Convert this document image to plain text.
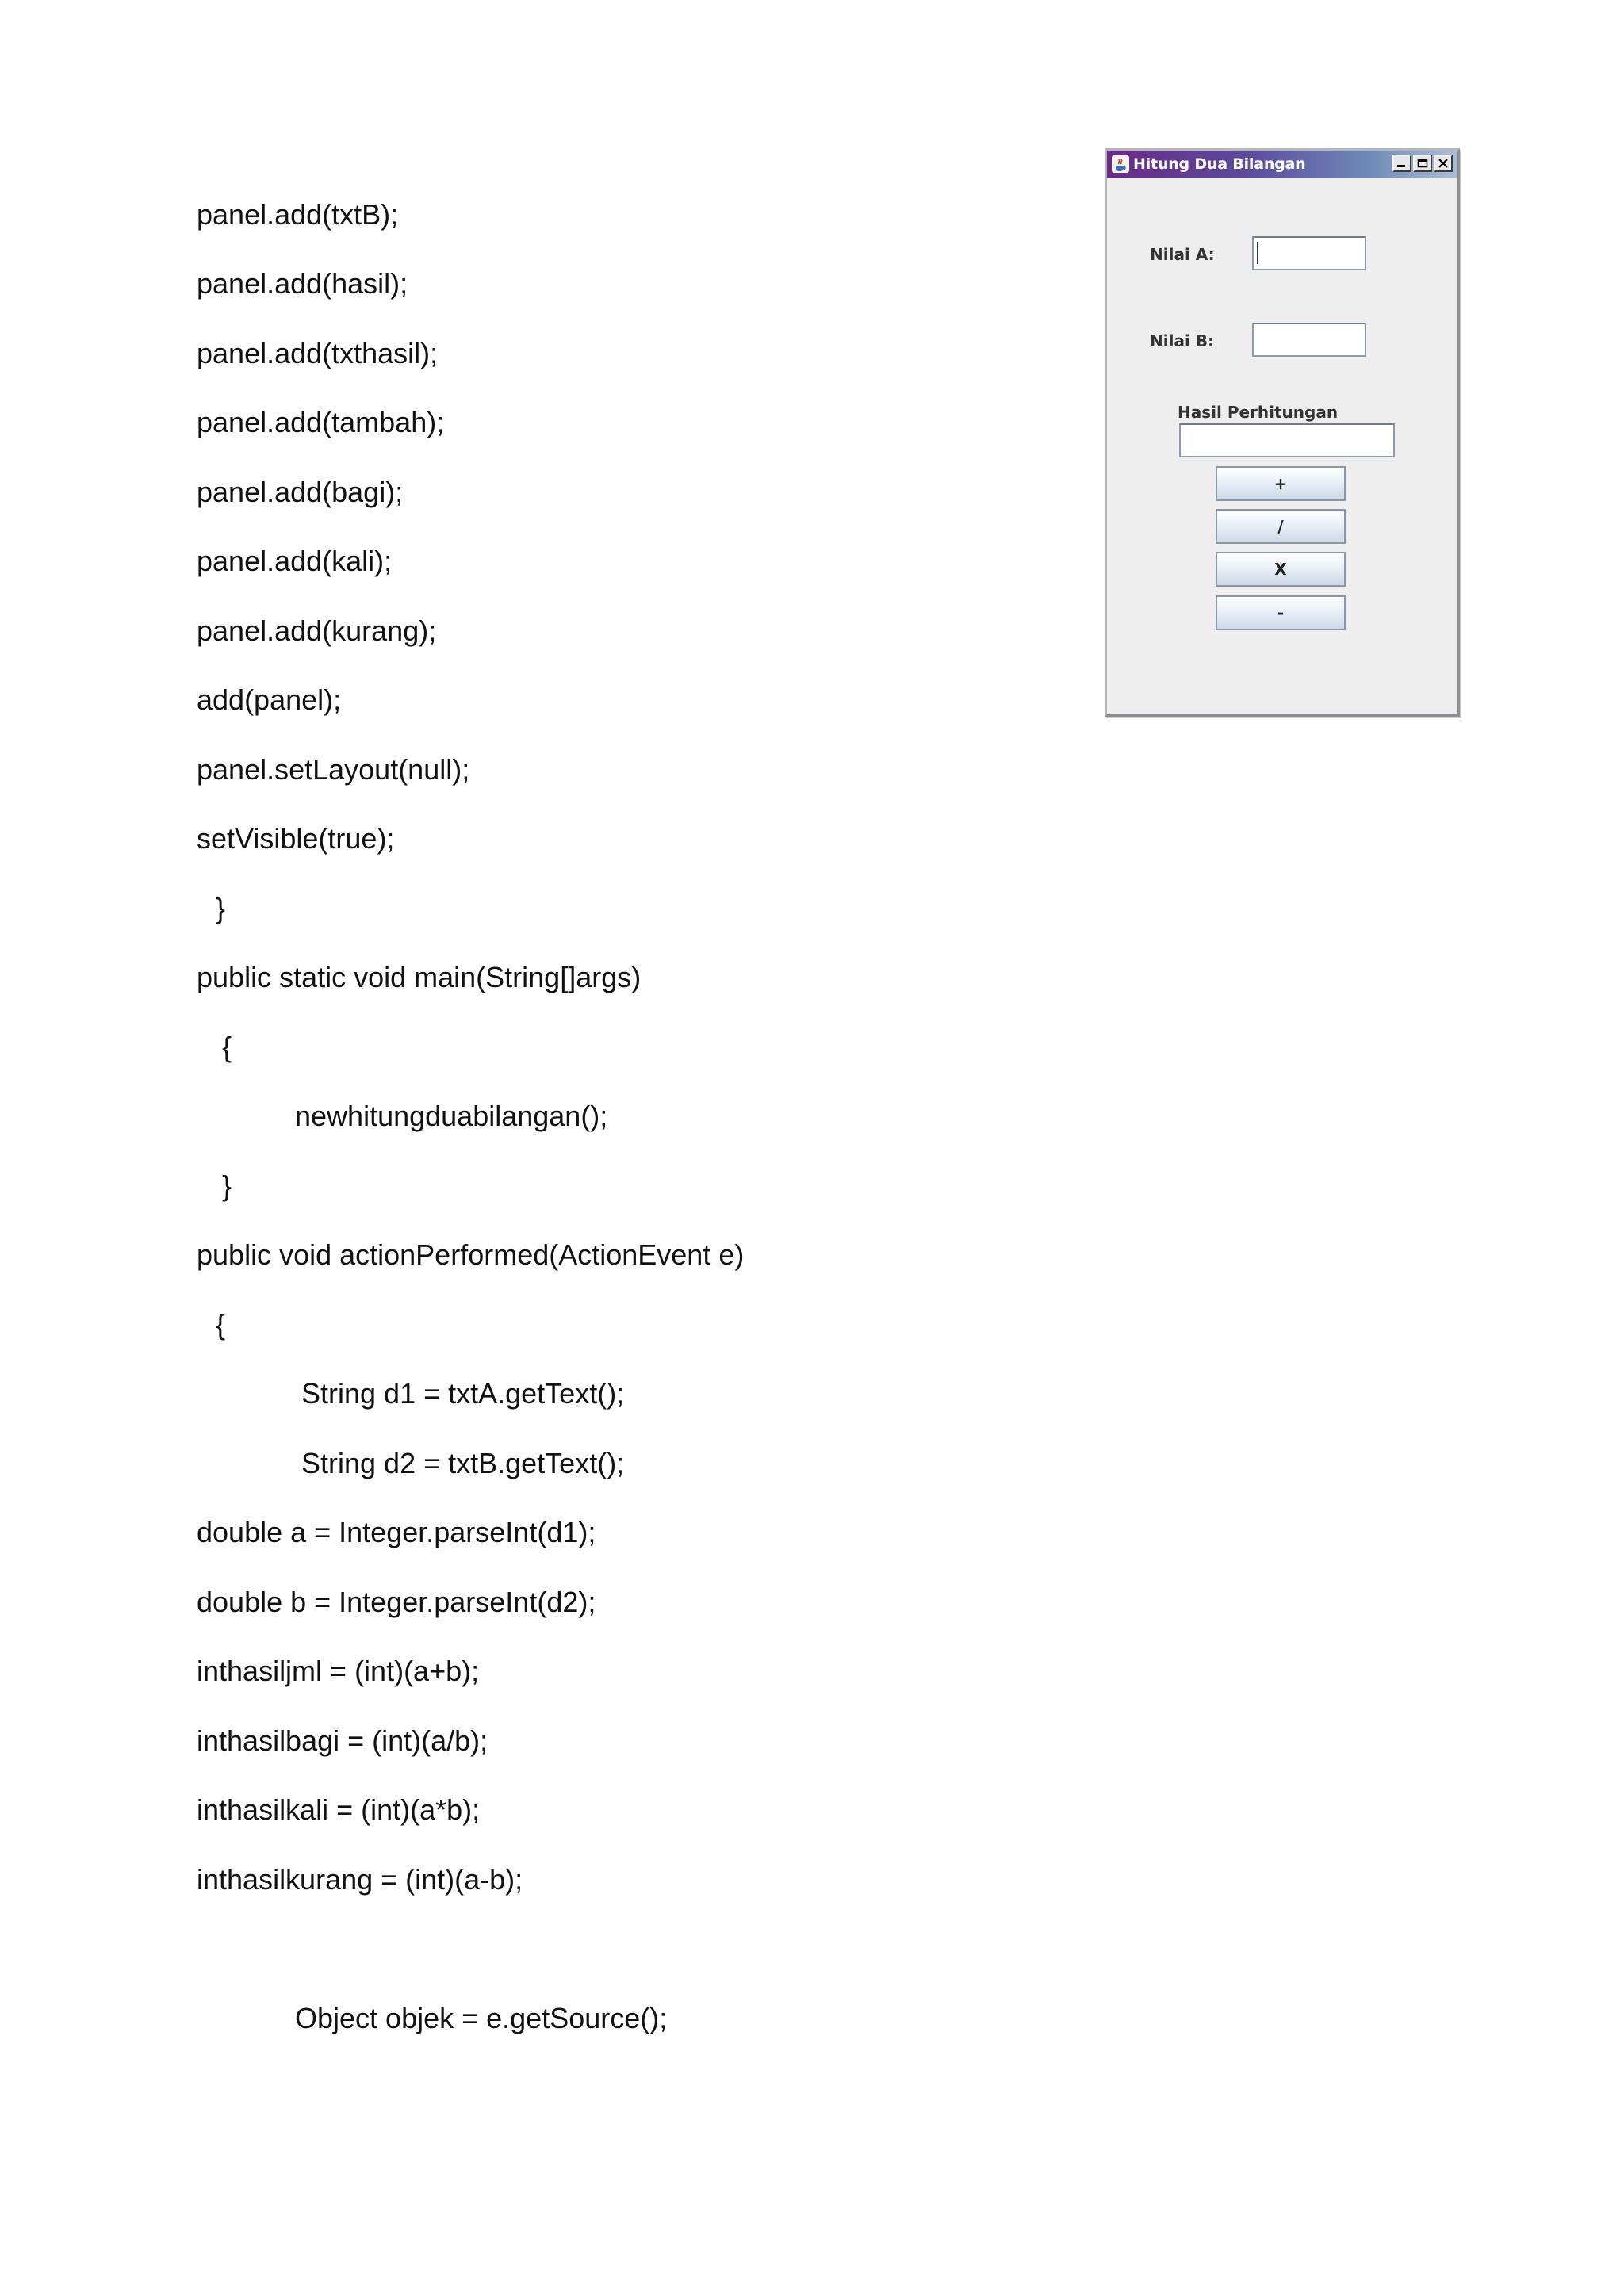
panel.add(txtB);
panel.add(hasil);
panel.add(txthasil);
panel.add(tambah);
panel.add(bagi);
panel.add(kali);
panel.add(kurang);
add(panel);
panel.setLayout(null);
setVisible(true);
}
public static void main(String[]args)
{
newhitungduabilangan();
}
public void actionPerformed(ActionEvent e)
{
String d1 = txtA.getText();
String d2 = txtB.getText();
double a = Integer.parseInt(d1);
double b = Integer.parseInt(d2);
inthasiljml = (int)(a+b);
inthasilbagi = (int)(a/b);
inthasilkali = (int)(a*b);
inthasilkurang = (int)(a-b);
Object objek = e.getSource();
Hitung Dua Bilangan
Nilai A:
Nilai B:
Hasil Perhitungan
+
/
X
-
